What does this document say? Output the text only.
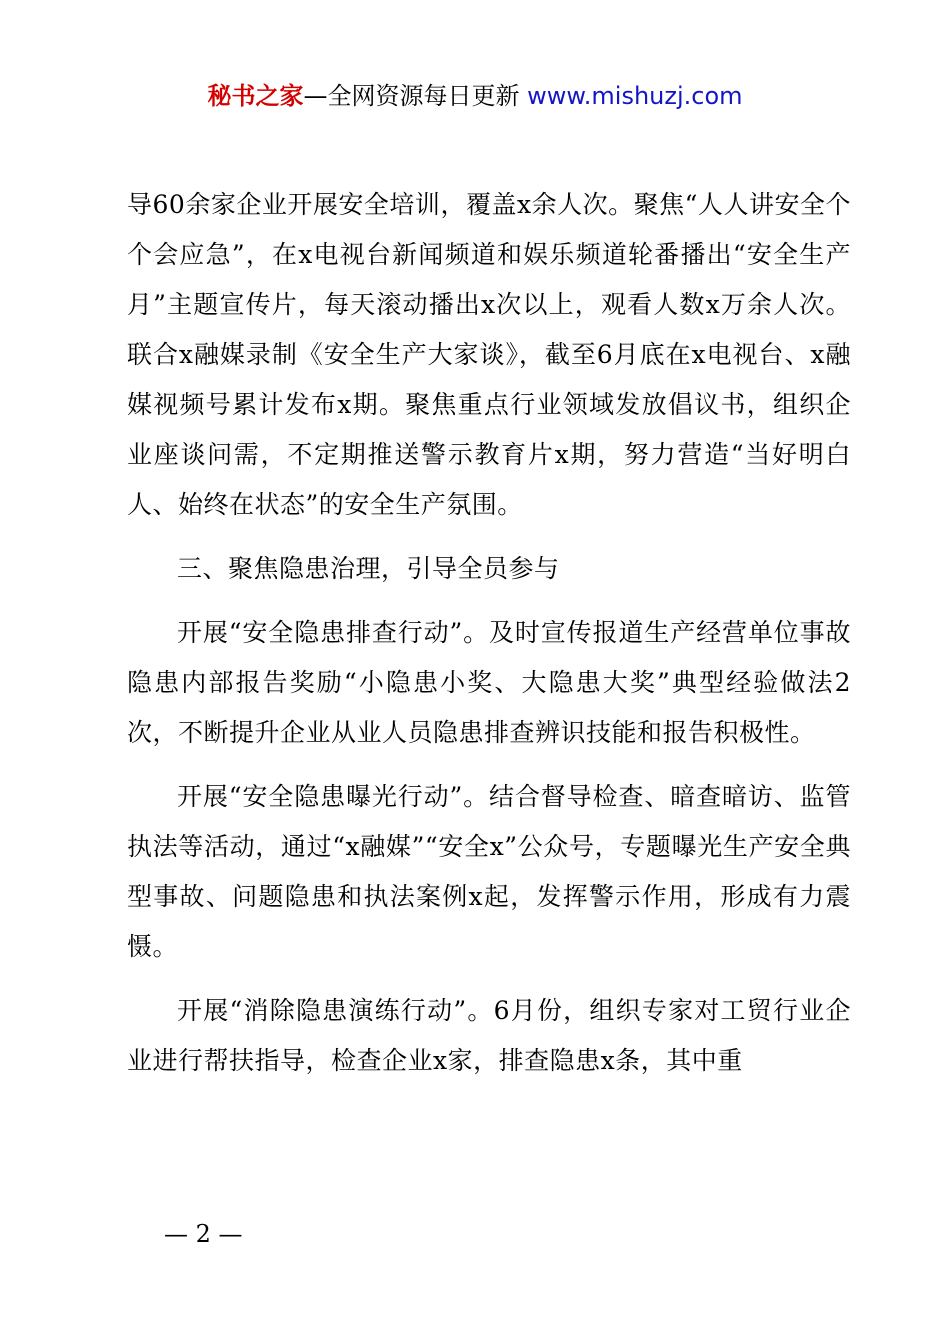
秘书之家—全网资源每日更新 www.mishuzj.com

导60余家企业开展安全培训，覆盖x余人次。聚焦“人人讲安全个个会应急”，在x电视台新闻频道和娱乐频道轮番播出“安全生产月”主题宣传片，每天滚动播出x次以上，观看人数x万余人次。联合x融媒录制《安全生产大家谈》，截至6月底在x电视台、x融媒视频号累计发布x期。聚焦重点行业领域发放倡议书，组织企业座谈问需，不定期推送警示教育片x期，努力营造“当好明白人、始终在状态”的安全生产氛围。

三、聚焦隐患治理，引导全员参与

开展“安全隐患排查行动”。及时宣传报道生产经营单位事故隐患内部报告奖励“小隐患小奖、大隐患大奖”典型经验做法2次，不断提升企业从业人员隐患排查辨识技能和报告积极性。

开展“安全隐患曝光行动”。结合督导检查、暗查暗访、监管执法等活动，通过“x融媒”“安全x”公众号，专题曝光生产安全典型事故、问题隐患和执法案例x起，发挥警示作用，形成有力震慑。

开展“消除隐患演练行动”。6月份，组织专家对工贸行业企业进行帮扶指导，检查企业x家，排查隐患x条，其中重

— 2 —
